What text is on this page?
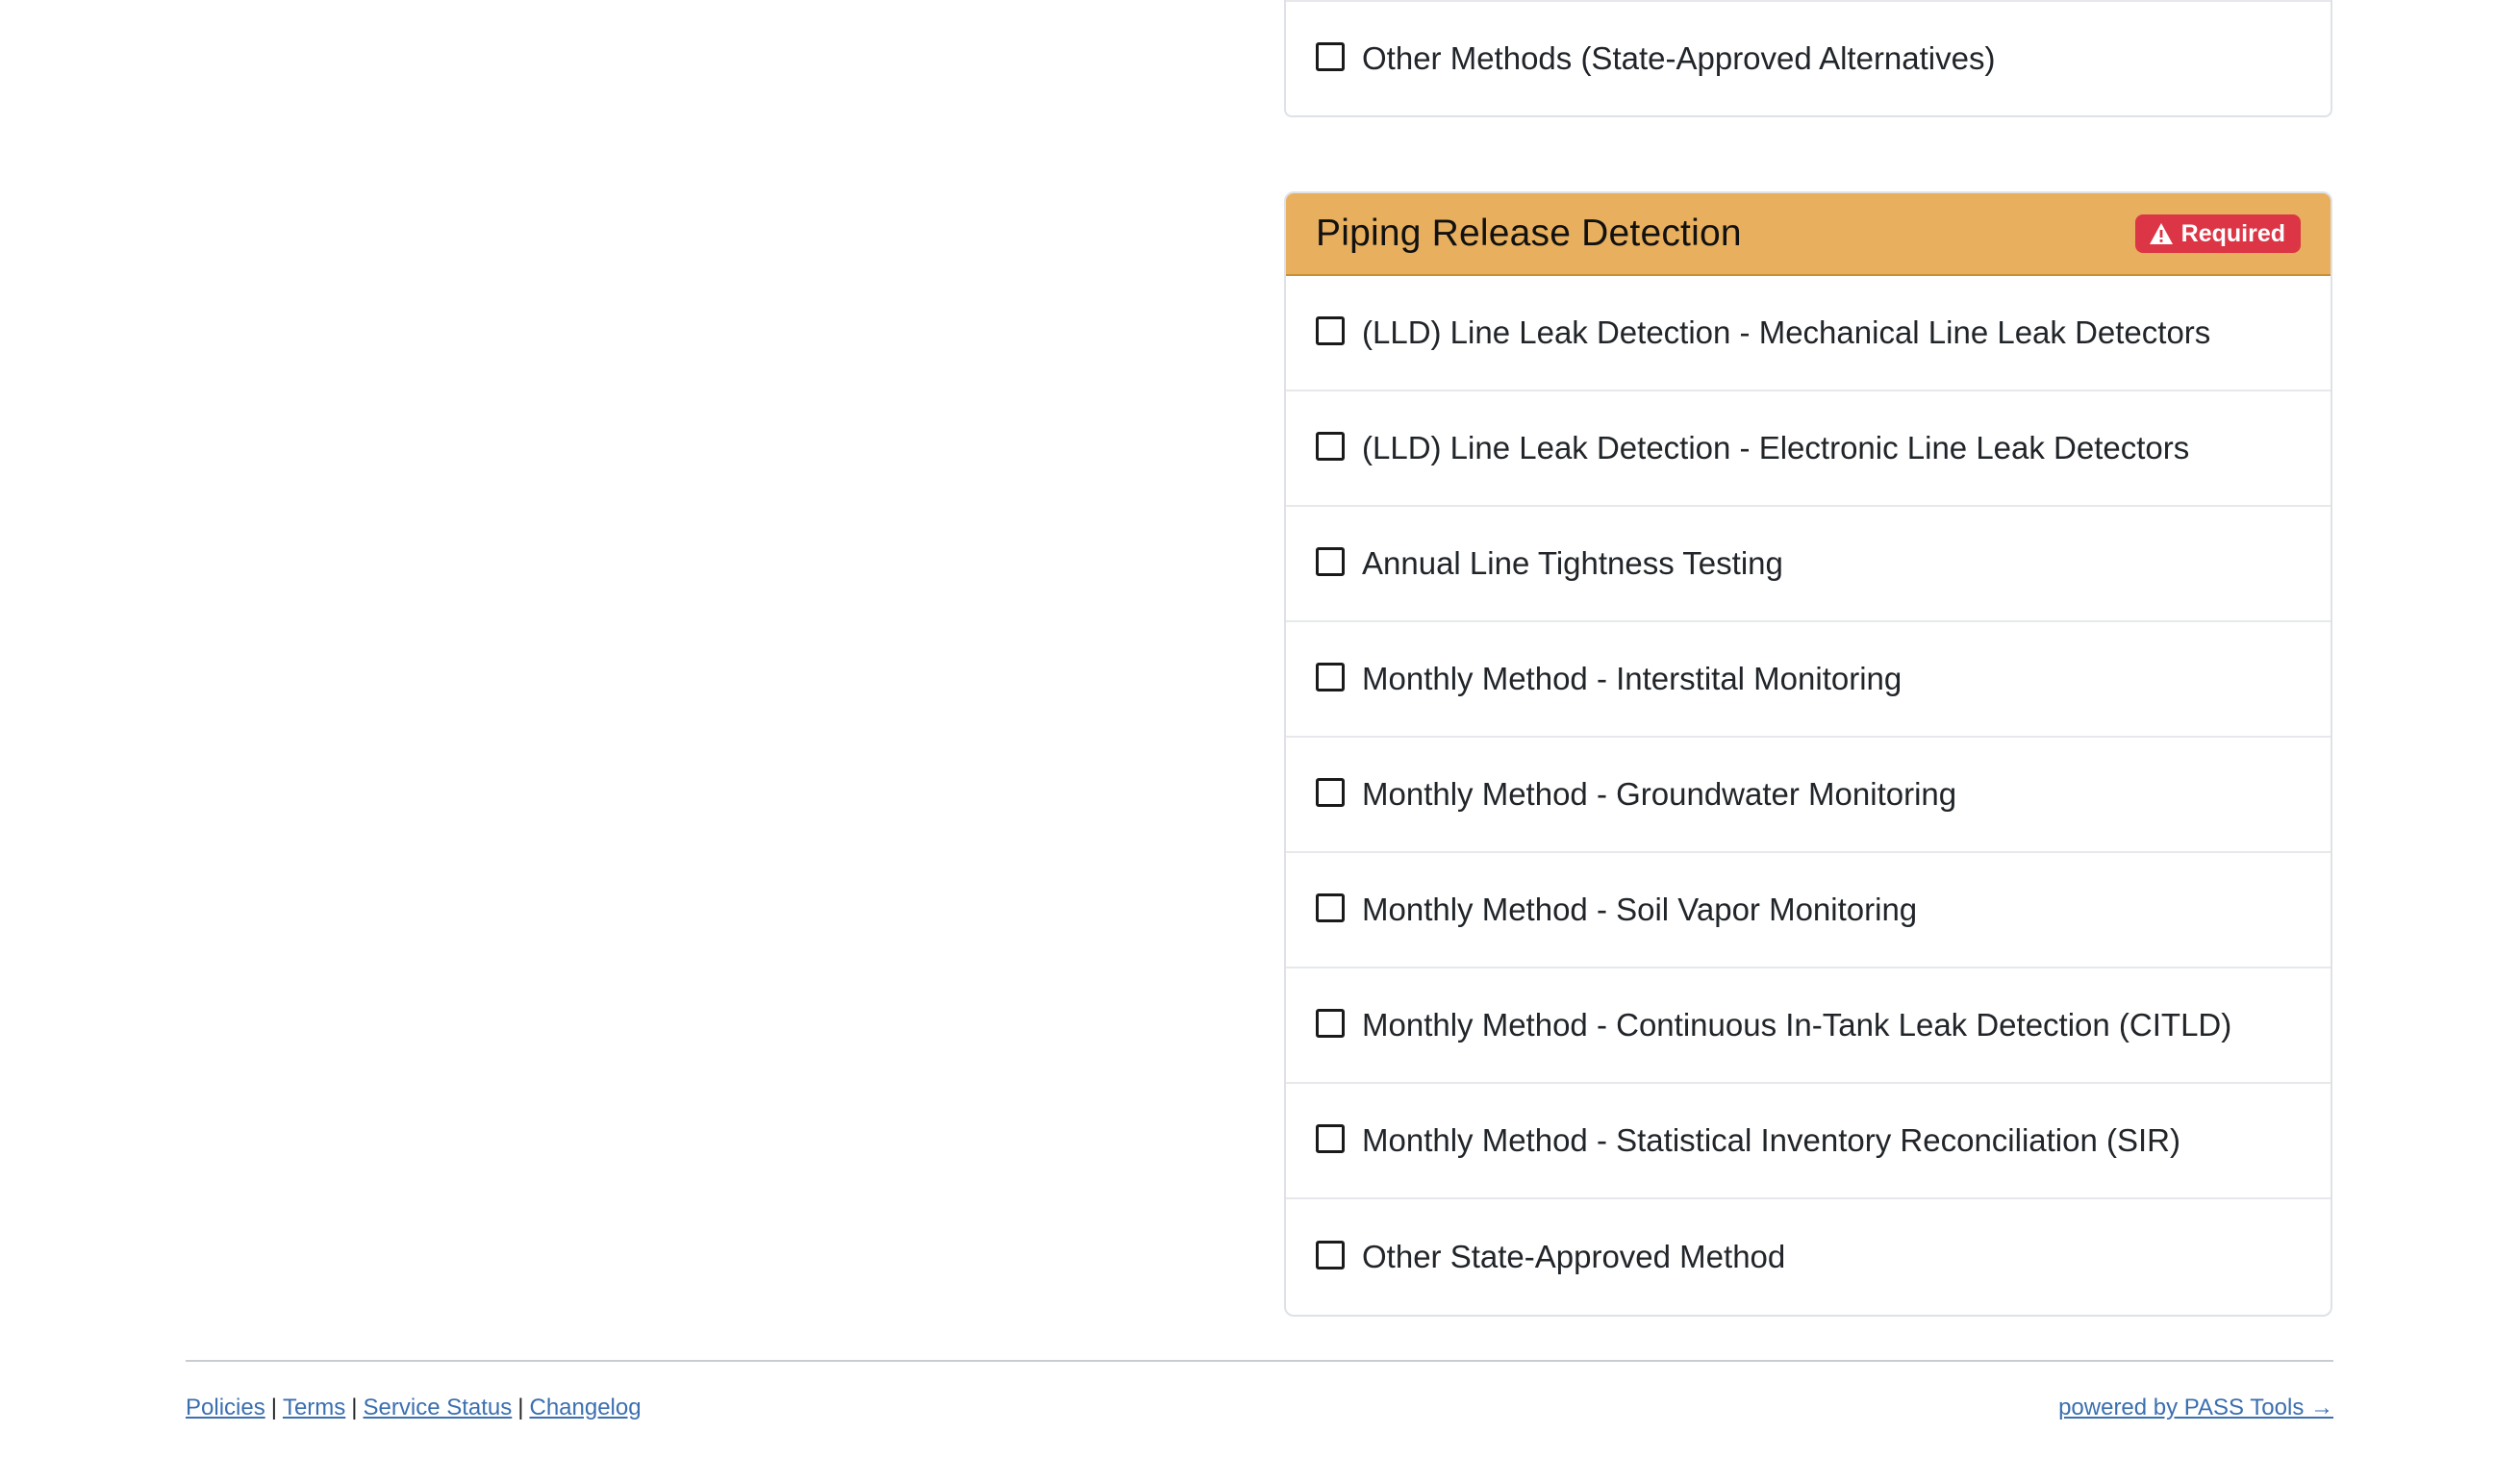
Other Methods (State-Approved Alternatives)
Piping Release Detection	Required
(LLD) Line Leak Detection - Mechanical Line Leak Detectors
(LLD) Line Leak Detection - Electronic Line Leak Detectors
Annual Line Tightness Testing
Monthly Method - Interstital Monitoring
Monthly Method - Groundwater Monitoring
Monthly Method - Soil Vapor Monitoring
Monthly Method - Continuous In-Tank Leak Detection (CITLD)
Monthly Method - Statistical Inventory Reconciliation (SIR)
Other State-Approved Method
Policies | Terms | Service Status | Changelog	powered by PASS Tools →
